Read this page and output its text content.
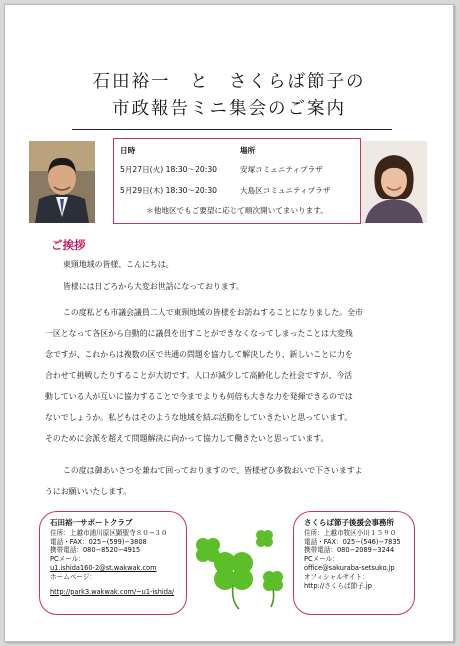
石田裕一　と　さくらば節子の
市政報告ミニ集会のご案内
日時	場所
5月27日(火) 18:30〜20:30	安塚コミュニティプラザ
5月29日(木) 18:30〜20:30	大島区コミュニティプラザ
＊他地区でもご要望に応じて順次開いてまいります。
ご挨拶

東頸地域の皆様、こんにちは。

皆様には日ごろから大変お世話になっております。

この度私ども市議会議員二人で東頸地域の皆様をお訪ねすることになりました。全市
一区となって各区から自動的に議員を出すことができなくなってしまったことは大変残
念ですが、これからは複数の区で共通の問題を協力して解決したり、新しいことに力を
合わせて挑戦したりすることが大切です。人口が減少して高齢化した社会ですが、今活
動している人が互いに協力することで今までよりも何倍も大きな力を発揮できるのでは
ないでしょうか。私どもはそのような地域を結ぶ活動をしていきたいと思っています。
そのために会派を超えて問題解決に向かって協力して働きたいと思っています。
この度は御あいさつを兼ねて回っておりますので、皆様ぜひ多数おいで下さいますよ
うにお願いいたします。
石田裕一サポートクラブ
住所：上越市浦川原区顕聖寺８０−３０
電話・FAX：025−(599)−3808
携帯電話：080−8520−4915
PCメール：
u1.ishida160-2@st.wakwak.com
ホームページ：
http://park3.wakwak.com/~u1-ishida/
さくらば節子後援会事務所
住所：上越市牧区小川１５９０
電話・FAX：025−(546)−7835
携帯電話：080−2089−3244
PCメール：
office@sakuraba-setsuko.jp
オフィシャルサイト：
http://さくらば節子.jp
